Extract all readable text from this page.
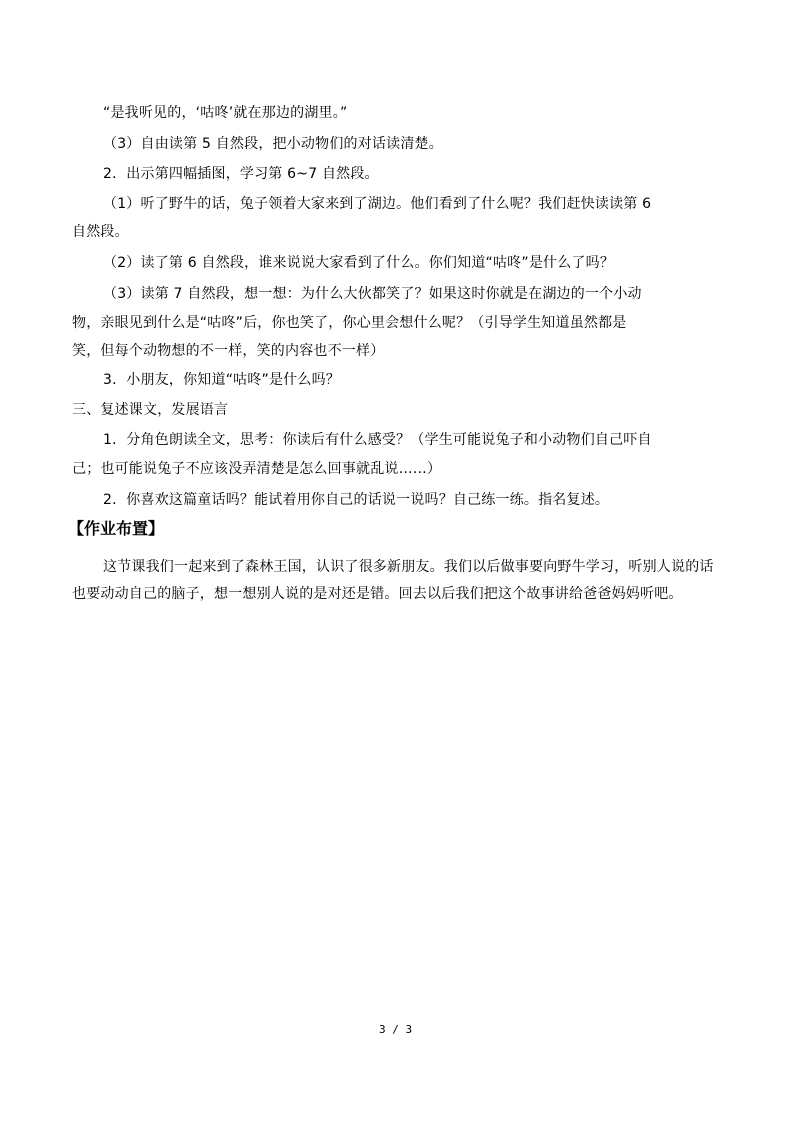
“是我听见的，‘咕咚’就在那边的湖里。”
（3）自由读第 5 自然段，把小动物们的对话读清楚。
2．出示第四幅插图，学习第 6~7 自然段。
（1）听了野牛的话，兔子领着大家来到了湖边。他们看到了什么呢？我们赶快读读第 6
自然段。
（2）读了第 6 自然段，谁来说说大家看到了什么。你们知道“咕咚”是什么了吗？
（3）读第 7 自然段，想一想：为什么大伙都笑了？如果这时你就是在湖边的一个小动
物，亲眼见到什么是“咕咚”后，你也笑了，你心里会想什么呢？（引导学生知道虽然都是
笑，但每个动物想的不一样，笑的内容也不一样）
3．小朋友，你知道“咕咚”是什么吗？
三、复述课文，发展语言
1．分角色朗读全文，思考：你读后有什么感受？（学生可能说兔子和小动物们自己吓自
己；也可能说兔子不应该没弄清楚是怎么回事就乱说……）
2．你喜欢这篇童话吗？能试着用你自己的话说一说吗？自己练一练。指名复述。
【作业布置】
这节课我们一起来到了森林王国，认识了很多新朋友。我们以后做事要向野牛学习，听别人说的话也要动动自己的脑子，想一想别人说的是对还是错。回去以后我们把这个故事讲给爸爸妈妈听吧。
3 / 3
